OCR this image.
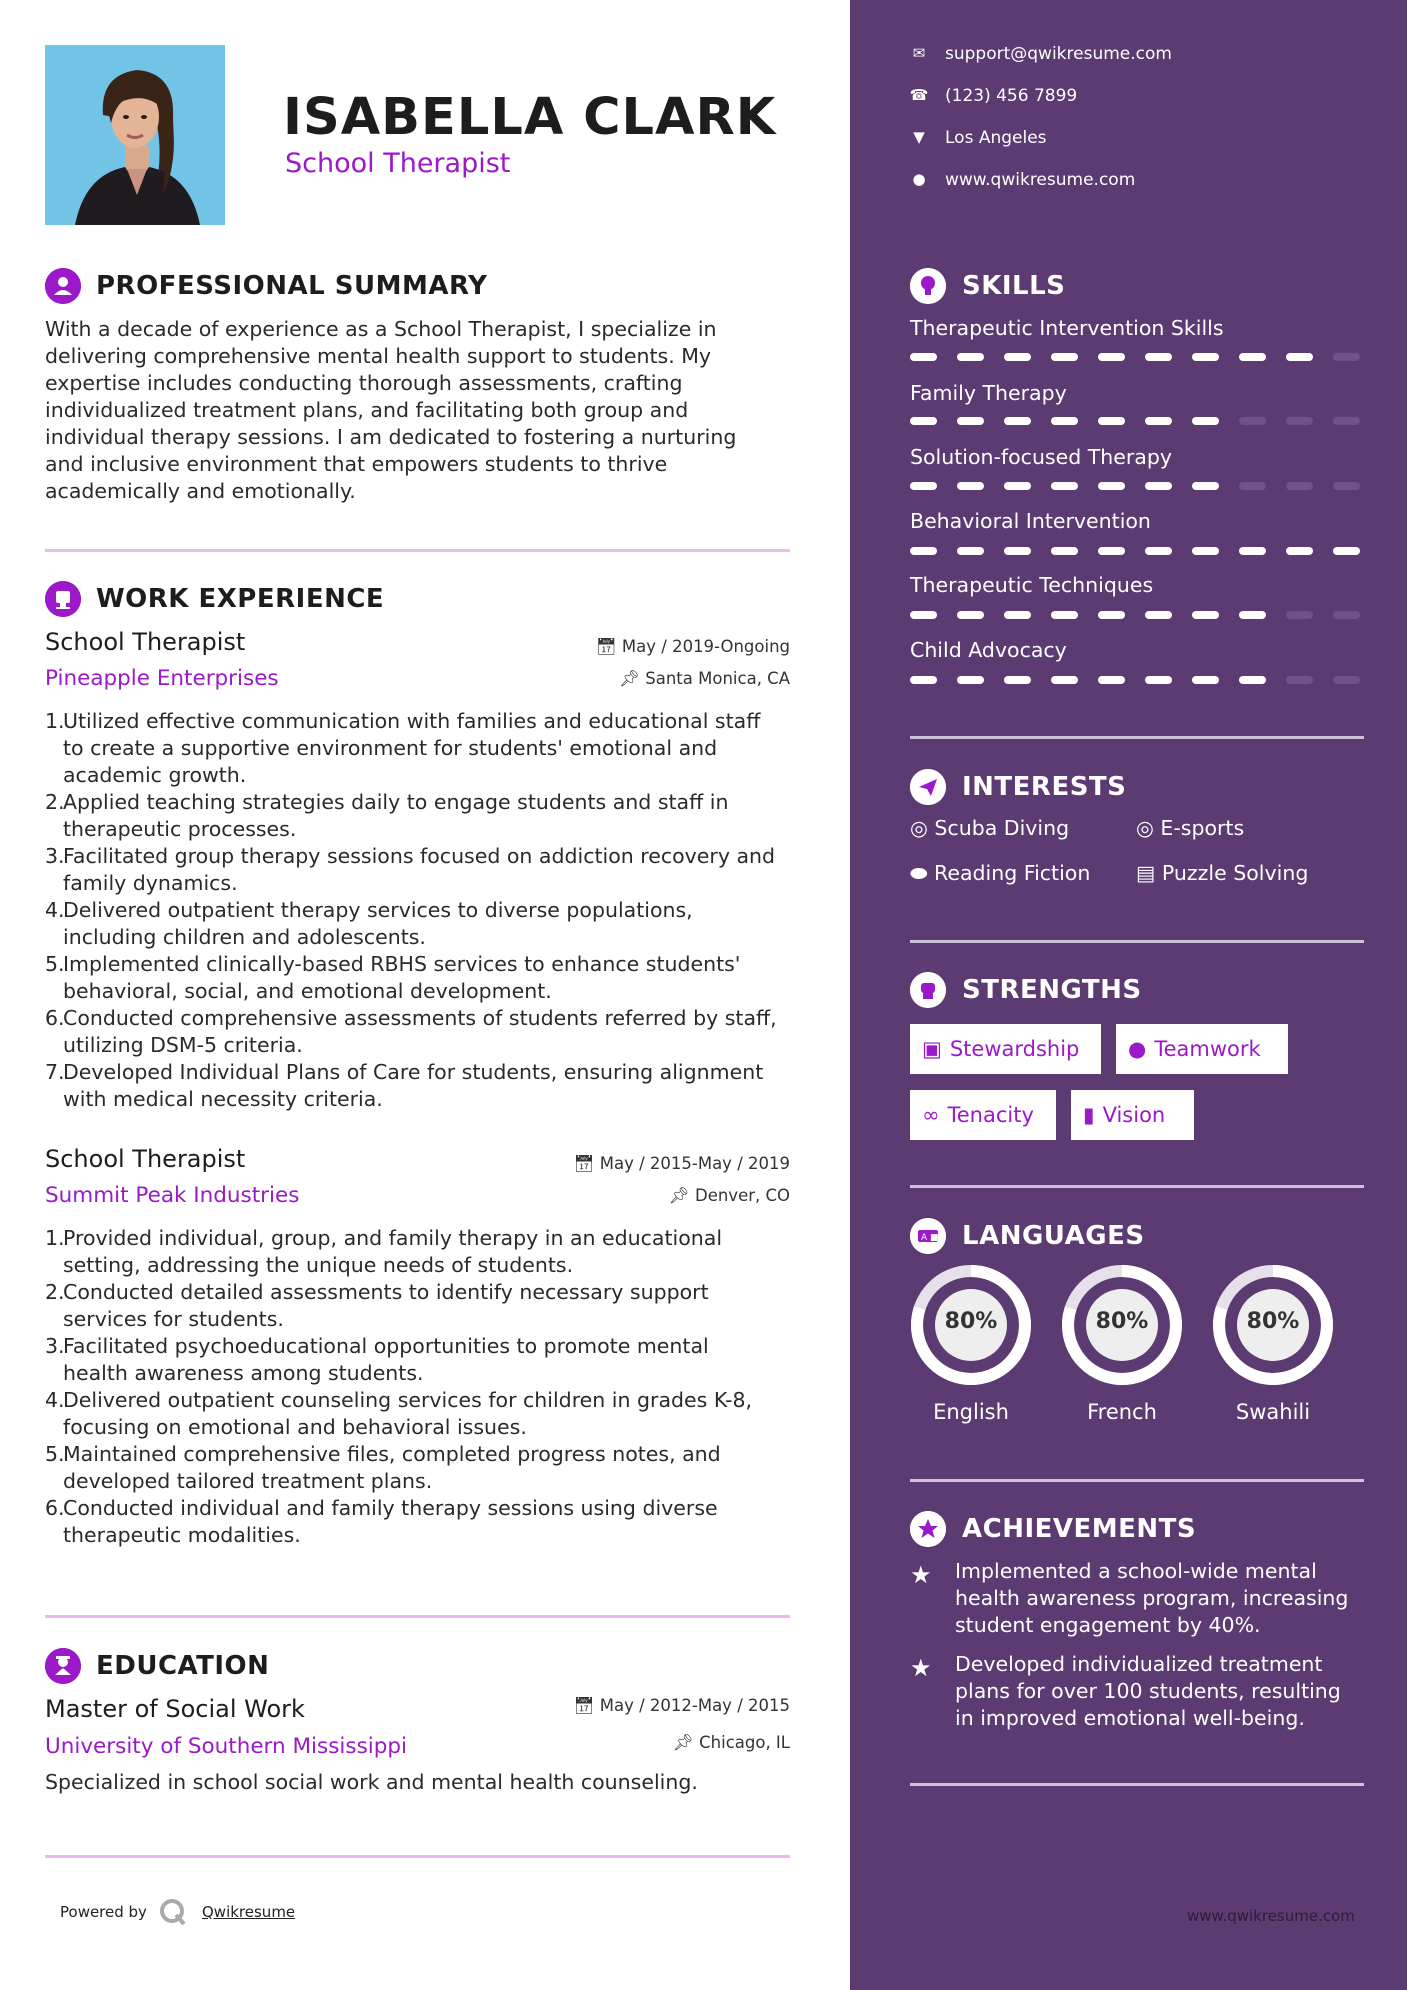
ISABELLA CLARK
School Therapist
PROFESSIONAL SUMMARY
With a decade of experience as a School Therapist, I specialize in
delivering comprehensive mental health support to students. My
expertise includes conducting thorough assessments, crafting
individualized treatment plans, and facilitating both group and
individual therapy sessions. I am dedicated to fostering a nurturing
and inclusive environment that empowers students to thrive
academically and emotionally.
WORK EXPERIENCE
School Therapist
Pineapple Enterprises
📅︎ May / 2019-Ongoing
📌︎ Santa Monica, CA
1.
Utilized effective communication with families and educational staff
to create a supportive environment for students' emotional and
academic growth.
2.
Applied teaching strategies daily to engage students and staff in
therapeutic processes.
3.
Facilitated group therapy sessions focused on addiction recovery and
family dynamics.
4.
Delivered outpatient therapy services to diverse populations,
including children and adolescents.
5.
Implemented clinically-based RBHS services to enhance students'
behavioral, social, and emotional development.
6.
Conducted comprehensive assessments of students referred by staff,
utilizing DSM-5 criteria.
7.
Developed Individual Plans of Care for students, ensuring alignment
with medical necessity criteria.
School Therapist
Summit Peak Industries
📅︎ May / 2015-May / 2019
📌︎ Denver, CO
1.
Provided individual, group, and family therapy in an educational
setting, addressing the unique needs of students.
2.
Conducted detailed assessments to identify necessary support
services for students.
3.
Facilitated psychoeducational opportunities to promote mental
health awareness among students.
4.
Delivered outpatient counseling services for children in grades K-8,
focusing on emotional and behavioral issues.
5.
Maintained comprehensive files, completed progress notes, and
developed tailored treatment plans.
6.
Conducted individual and family therapy sessions using diverse
therapeutic modalities.
EDUCATION
Master of Social Work
University of Southern Mississippi
📅︎ May / 2012-May / 2015
📌︎ Chicago, IL
Specialized in school social work and mental health counseling.
Powered by	Qwikresume
✉ support@qwikresume.com
☎ (123) 456 7899
▼ Los Angeles
● www.qwikresume.com
SKILLS
Therapeutic Intervention Skills
Family Therapy
Solution-focused Therapy
Behavioral Intervention
Therapeutic Techniques
Child Advocacy
INTERESTS
◎ Scuba Diving	◎ E-sports
⬬ Reading Fiction ▤ Puzzle Solving
STRENGTHS
▣ Stewardship	● Teamwork
∞ Tenacity	▮ Vision
A ■ LANGUAGES
80%
English
80%
French
80%
Swahili
ACHIEVEMENTS
★ Implemented a school-wide mental
health awareness program, increasing
student engagement by 40%.
★ Developed individualized treatment
plans for over 100 students, resulting
in improved emotional well-being.
www.qwikresume.com
